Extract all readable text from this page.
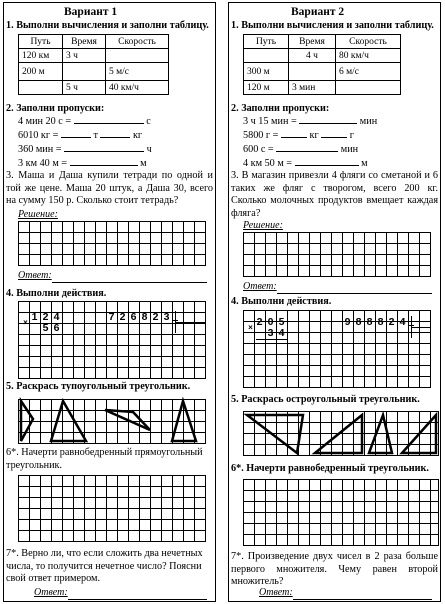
Вариант 1
1. Выполни вычисления и заполни таблицу.
Путь	Время	Скорость
120 км	3 ч	
200 м		5 м/с
	5 ч	40 км/ч
2. Заполни пропуски:
4 мин 20 с =	с
6010 кг =	т	кг
360 мин =	ч
3 км 40 м =	м
3. Маша и Даша купили тетради по одной и той же цене. Маша 20 штук, а Даша 30, всего на сумму 150 р. Сколько стоит тетрадь?
Решение:
Ответ:
4. Выполни действия.
1 2 4
×	5 6
7 2 6 8 2 3
5. Раскрась тупоугольный треугольник.
6*. Начерти равнобедренный прямоугольный треугольник.
7*. Верно ли, что если сложить два нечетных числа, то получится нечетное число? Поясни свой ответ примером.
Ответ:
Вариант 2
1. Выполни вычисления и заполни таблицу.
Путь	Время	Скорость
	4 ч	80 км/ч
300 м		6 м/с
120 м	3 мин	
2. Заполни пропуски:
3 ч 15 мин =	мин
5800 г =	кг	г
600 с =	мин
4 км 50 м =	м
3. В магазин привезли 4 фляги со сметаной и 6 таких же фляг с творогом, всего 200 кг. Сколько молочных продуктов вмещает каждая фляга?
Решение:
Ответ:
4. Выполни действия.
2 0 5
×	3 4
9 8 8 8 2 4
5. Раскрась остроугольный треугольник.
6*. Начерти равнобедренный треугольник.
7*. Произведение двух чисел в 2 раза больше первого множителя. Чему равен второй множитель?
Ответ:
